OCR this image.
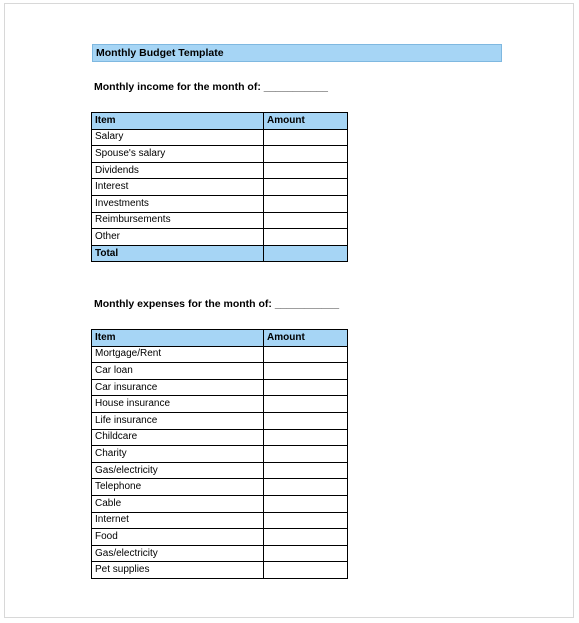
Monthly Budget Template
Monthly income for the month of: ___________
Item	Amount
Salary	
Spouse's salary	
Dividends	
Interest	
Investments	
Reimbursements	
Other	
Total	
Monthly expenses for the month of: ___________
Item	Amount
Mortgage/Rent	
Car loan	
Car insurance	
House insurance	
Life insurance	
Childcare	
Charity	
Gas/electricity	
Telephone	
Cable	
Internet	
Food	
Gas/electricity	
Pet supplies	
